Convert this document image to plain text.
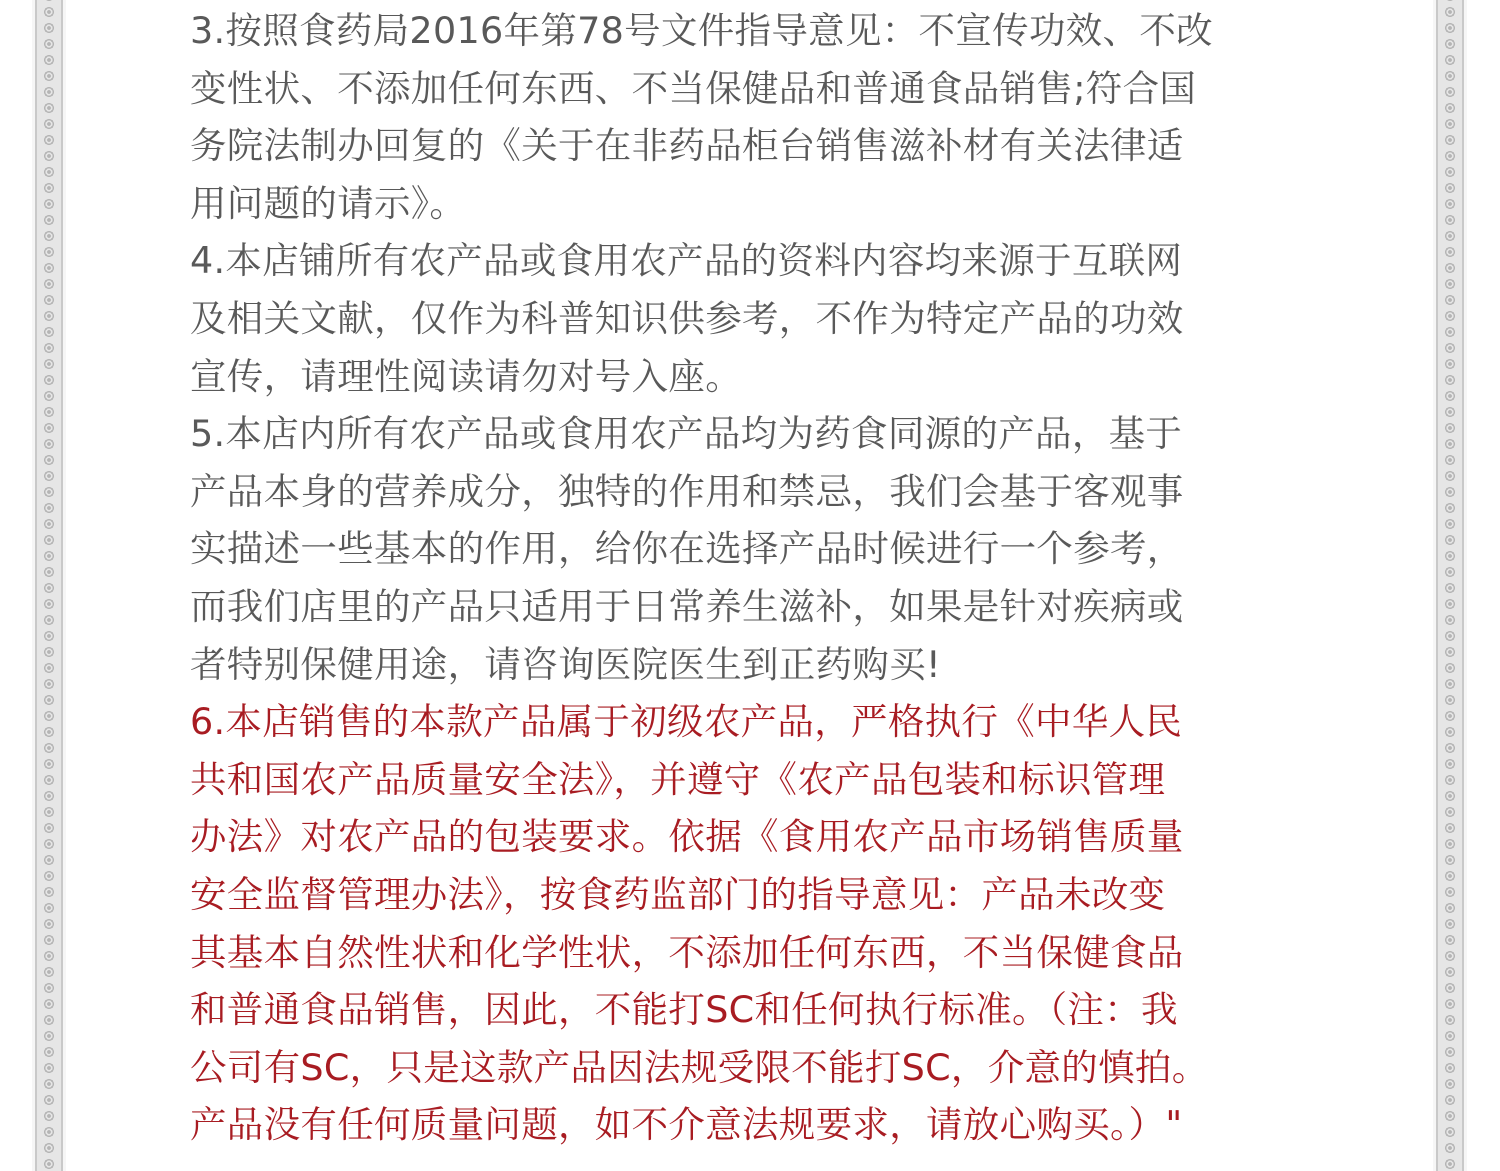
3.按照食药局2016年第78号文件指导意见：不宣传功效、不改
变性状、不添加任何东西、不当保健品和普通食品销售;符合国
务院法制办回复的《关于在非药品柜台销售滋补材有关法律适
用问题的请示》。
4.本店铺所有农产品或食用农产品的资料内容均来源于互联网
及相关文献，仅作为科普知识供参考，不作为特定产品的功效
宣传，请理性阅读请勿对号入座。
5.本店内所有农产品或食用农产品均为药食同源的产品，基于
产品本身的营养成分，独特的作用和禁忌，我们会基于客观事
实描述一些基本的作用，给你在选择产品时候进行一个参考，
而我们店里的产品只适用于日常养生滋补，如果是针对疾病或
者特别保健用途，请咨询医院医生到正药购买!
6.本店销售的本款产品属于初级农产品，严格执行《中华人民
共和国农产品质量安全法》，并遵守《农产品包装和标识管理
办法》对农产品的包装要求。依据《食用农产品市场销售质量
安全监督管理办法》，按食药监部门的指导意见：产品未改变
其基本自然性状和化学性状，不添加任何东西，不当保健食品
和普通食品销售，因此，不能打SC和任何执行标准。（注：我
公司有SC，只是这款产品因法规受限不能打SC，介意的慎拍。
产品没有任何质量问题，如不介意法规要求，请放心购买。）"
